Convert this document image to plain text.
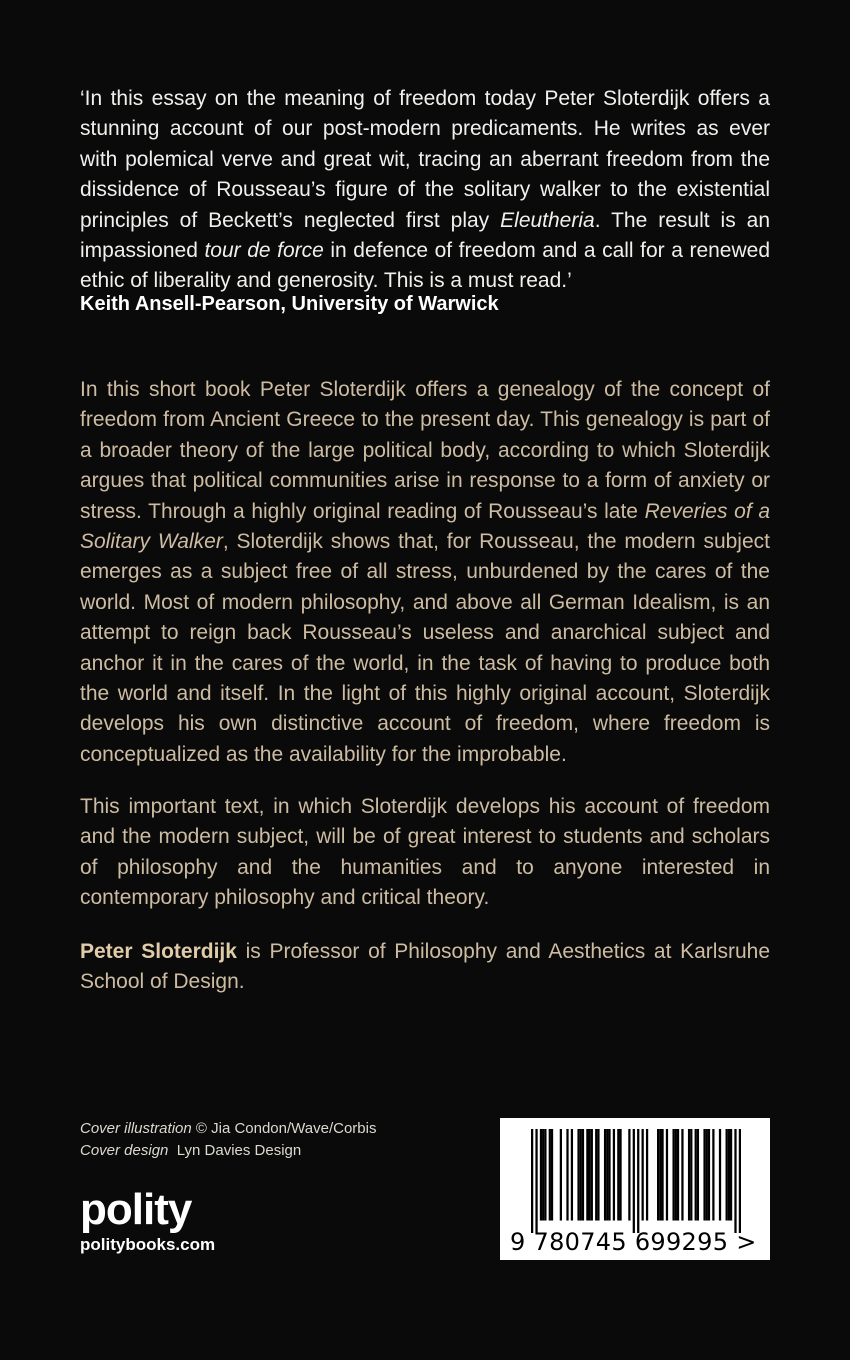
‘In this essay on the meaning of freedom today Peter Sloterdijk offers a stunning account of our post-modern predicaments. He writes as ever with polemical verve and great wit, tracing an aberrant freedom from the dissidence of Rousseau’s figure of the solitary walker to the existential principles of Beckett’s neglected first play Eleutheria. The result is an impassioned tour de force in defence of freedom and a call for a renewed ethic of liberality and generosity. This is a must read.’

Keith Ansell-Pearson, University of Warwick

In this short book Peter Sloterdijk offers a genealogy of the concept of freedom from Ancient Greece to the present day. This genealogy is part of a broader theory of the large political body, according to which Sloterdijk argues that political communities arise in response to a form of anxiety or stress. Through a highly original reading of Rousseau’s late Reveries of a Solitary Walker, Sloterdijk shows that, for Rousseau, the modern subject emerges as a subject free of all stress, unburdened by the cares of the world. Most of modern philosophy, and above all German Idealism, is an attempt to reign back Rousseau’s useless and anarchical subject and anchor it in the cares of the world, in the task of having to produce both the world and itself. In the light of this highly original account, Sloterdijk develops his own distinctive account of freedom, where freedom is conceptualized as the availability for the improbable.

This important text, in which Sloterdijk develops his account of freedom and the modern subject, will be of great interest to students and scholars of philosophy and the humanities and to anyone interested in contemporary philosophy and critical theory.

Peter Sloterdijk is Professor of Philosophy and Aesthetics at Karlsruhe School of Design.

Cover illustration © Jia Condon/Wave/Corbis
Cover design  Lyn Davies Design
polity
politybooks.com	9 780745 699295 >
